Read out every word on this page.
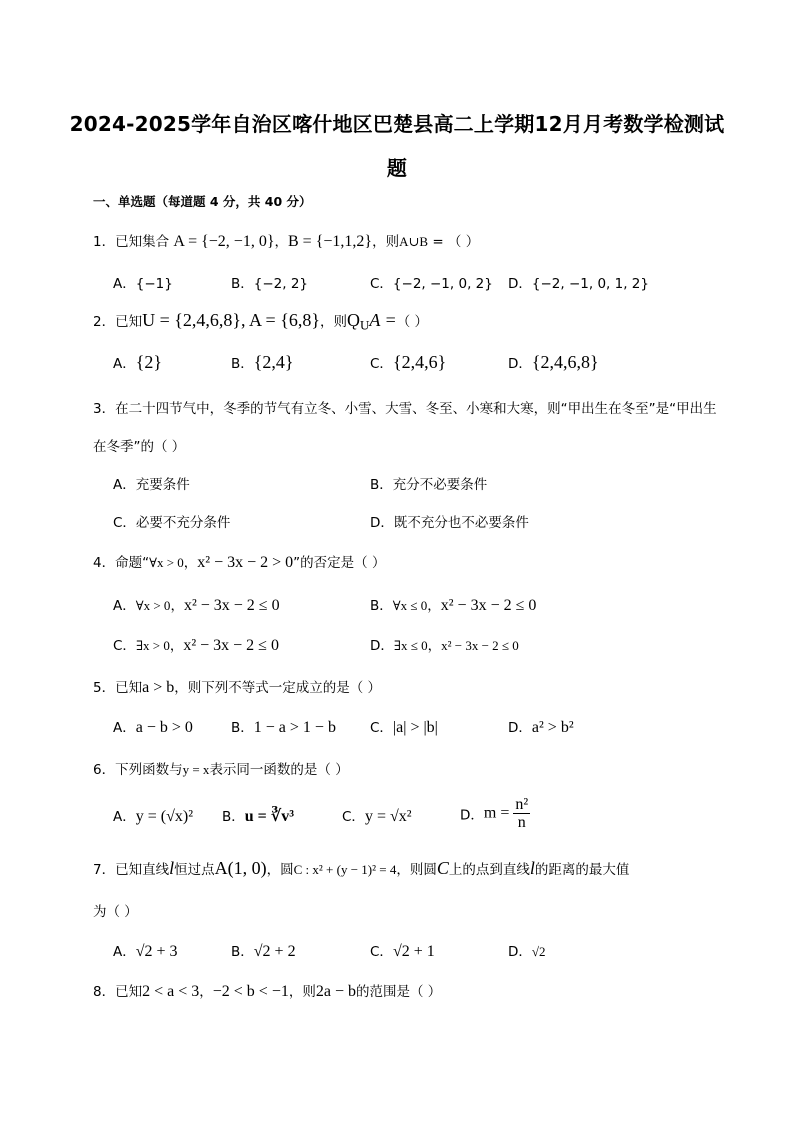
2024-2025学年自治区喀什地区巴楚县高二上学期12月月考数学检测试
题
一、单选题（每道题 4 分，共 40 分）
1．已知集合 A = {−2, −1, 0}，B = {−1,1,2}，则A∪B = （ ）
A．{−1}	B．{−2, 2}	C．{−2, −1, 0, 2} D．{−2, −1, 0, 1, 2}
2．已知U = {2,4,6,8}, A = {6,8}，则$Ǫ_UA$ =（ ）
A．{2}	B．{2,4}	C．{2,4,6}	D．{2,4,6,8}
3．在二十四节气中，冬季的节气有立冬、小雪、大雪、冬至、小寒和大寒，则“甲出生在冬至”是“甲出生
在冬季”的（ ）
A．充要条件	B．充分不必要条件
C．必要不充分条件	D．既不充分也不必要条件
4．命题“∀x > 0，x² − 3x − 2 > 0”的否定是（ ）
A．∀x > 0，x² − 3x − 2 ≤ 0	B．∀x ≤ 0，x² − 3x − 2 ≤ 0
C．∃x > 0，x² − 3x − 2 ≤ 0	D．∃x ≤ 0，x² − 3x − 2 ≤ 0
5．已知a > b，则下列不等式一定成立的是（ ）
A．a − b > 0	B．1 − a > 1 − b	C．|a| > |b|	D．a² > b²
6．下列函数与y = x表示同一函数的是（ ）
A．y = (√x)² B．u = ∛v³	C．y = √x²	D．$m = \frac{\text{n²}}{n}$
7．已知直线l恒过点A(1, 0)，圆C : x² + (y − 1)² = 4，则圆C上的点到直线l的距离的最大值
为（ ）
A．√2 + 3	B．√2 + 2	C．√2 + 1	D．√2
8．已知2 < a < 3，−2 < b < −1，则2a − b的范围是（ ）
